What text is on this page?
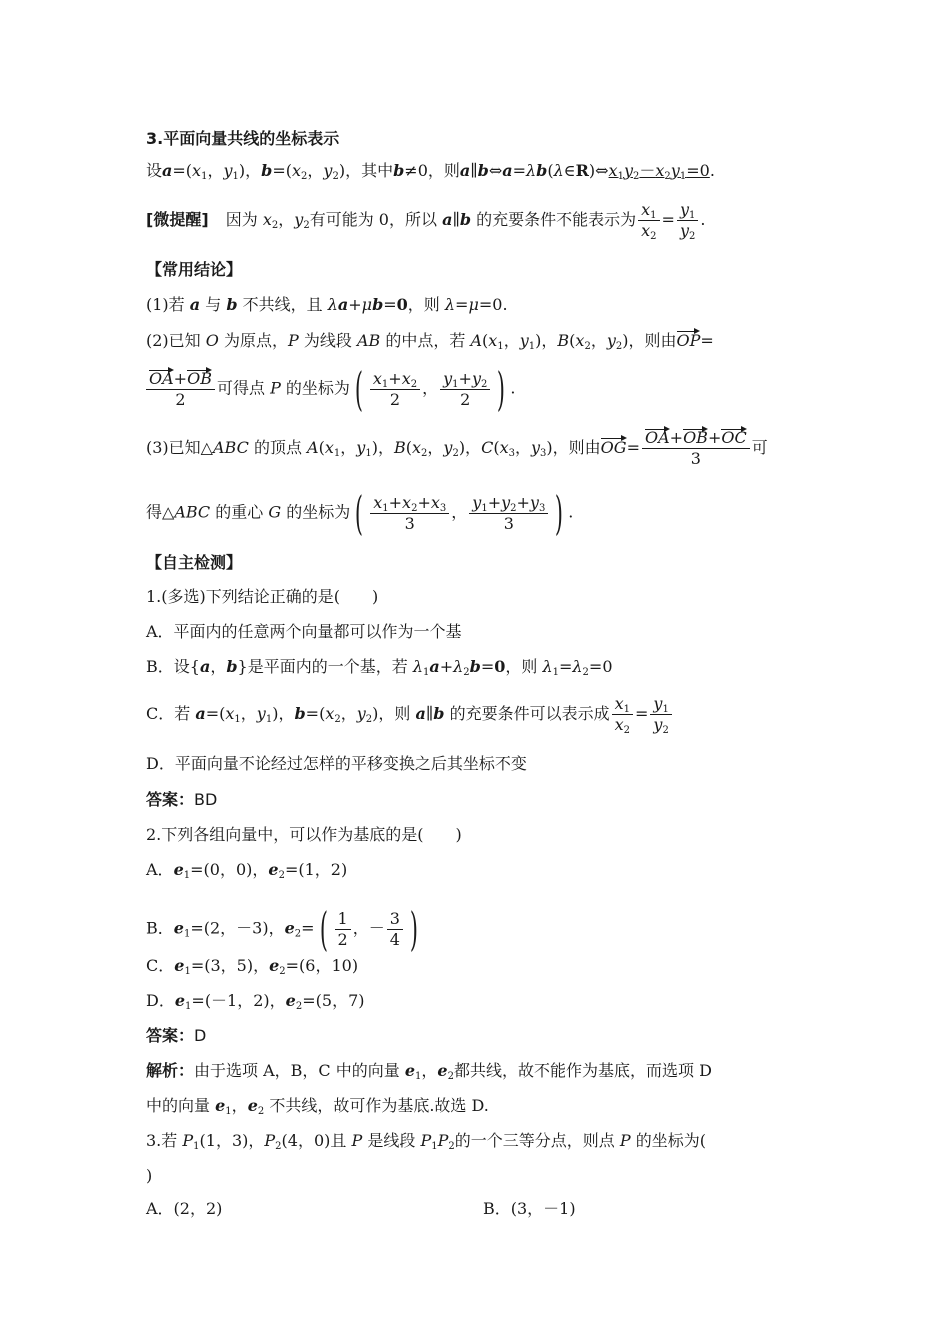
3.平面向量共线的坐标表示
设$a=(x_1$，$y_1$)，$b=(x_2$，$y_2$)，其中b≠0，则$a\parallel b\Leftrightarrow a=\lambda b(\lambda\in R)\Leftrightarrow x_1y_2-x_2y_1=0$.
[微提醒] 因为 $x_2$，$y_2$有可能为 0，所以 a∥b 的充要条件不能表示为 $\frac{x_1}{x_2} = \frac{y_1}{y_2}$ .
【常用结论】
(1)若 a 与 b 不共线，且 λa+μb=0，则 λ=μ=0.
(2)已知 O 为原点，P 为线段 AB 的中点，若 $A(x_1$，$y_1$)，$B(x_2$，$y_2$)，则由OP=
$\frac{OA+OB}{2}$ 可得点 P 的坐标为 ( $\frac{x_1+x_2}{2}$ ， $\frac{y_1+y_2}{2}$ ) .
(3)已知△ABC 的顶点 $A(x_1$，$y_1$)，$B(x_2$，$y_2$)，$C(x_3$，$y_3$)，则由$OG= \frac{OA+OB+OC}{3}$ 可
得△ABC 的重心 G 的坐标为 ( $\frac{x_1+x_2+x_3}{3}$ ， $\frac{y_1+y_2+y_3}{3}$ ) .
【自主检测】
1.(多选)下列结论正确的是(　　)
A．平面内的任意两个向量都可以作为一个基
B．设{a，b}是平面内的一个基，若 $\lambda_1a+\lambda_2b=0$，则 $\lambda_1=\lambda_2=0$
C．若 $a=(x_1$，$y_1$)，$b=(x_2$，$y_2$)，则 a∥b 的充要条件可以表示成 $\frac{x_1}{x_2} = \frac{y_1}{y_2}$
D．平面向量不论经过怎样的平移变换之后其坐标不变
答案：BD
2.下列各组向量中，可以作为基底的是(　　)
A．$e_1=(0$，0)，$e_2=(1$，2)
B．$e_1=(2$，－3)，$e_2=$ ( $\frac{1}{2}$ ，－ $\frac{3}{4}$ )
C．$e_1=(3$，5)，$e_2=(6$，10)
D．$e_1=(-1$，2)，$e_2=(5$，7)
答案：D
解析：由于选项 A，B，C 中的向量 $e_1$，$e_2$都共线，故不能作为基底，而选项 D
中的向量 $e_1$，$e_2$ 不共线，故可作为基底.故选 D.
3.若 $P_1(1$，3)，$P_2(4$，0)且 P 是线段 $P_1P_2$的一个三等分点，则点 P 的坐标为(
)
A．(2，2)	B．(3，－1)
